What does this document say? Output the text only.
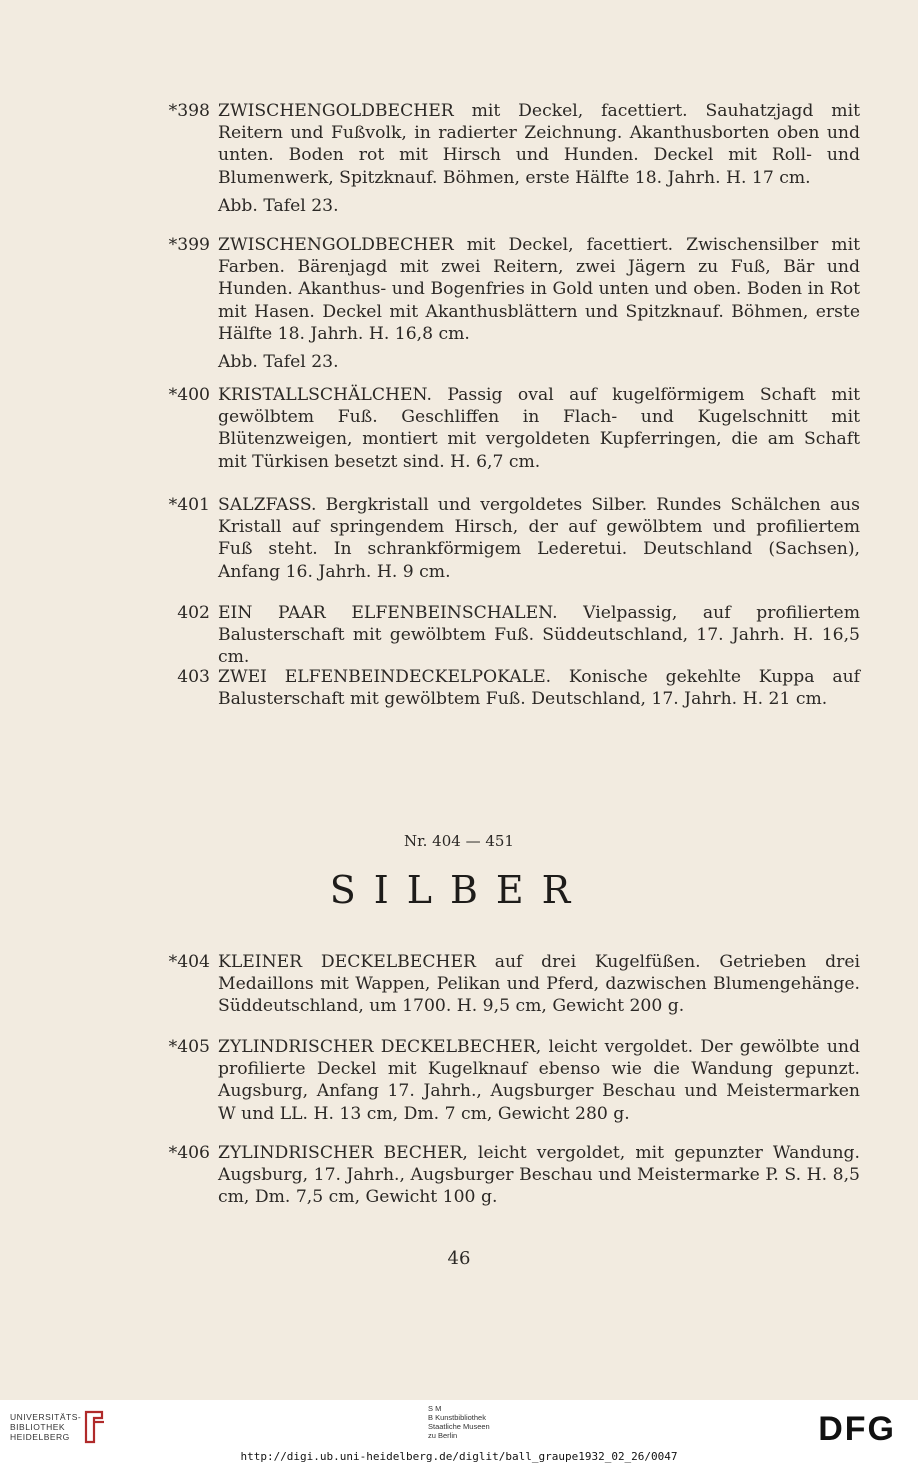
*398 ZWISCHENGOLDBECHER mit Deckel, facettiert. Sauhatzjagd mit Reitern und Fußvolk, in radierter Zeichnung. Akanthusborten oben und unten. Boden rot mit Hirsch und Hunden. Deckel mit Roll- und Blumenwerk, Spitzknauf. Böhmen, erste Hälfte 18. Jahrh. H. 17 cm.
Abb. Tafel 23.
*399 ZWISCHENGOLDBECHER mit Deckel, facettiert. Zwischensilber mit Farben. Bärenjagd mit zwei Reitern, zwei Jägern zu Fuß, Bär und Hunden. Akanthus- und Bogenfries in Gold unten und oben. Boden in Rot mit Hasen. Deckel mit Akanthusblättern und Spitzknauf. Böhmen, erste Hälfte 18. Jahrh. H. 16,8 cm.
Abb. Tafel 23.
*400 KRISTALLSCHÄLCHEN. Passig oval auf kugelförmigem Schaft mit gewölbtem Fuß. Geschliffen in Flach- und Kugelschnitt mit Blütenzweigen, montiert mit vergoldeten Kupferringen, die am Schaft mit Türkisen besetzt sind. H. 6,7 cm.
*401 SALZFASS. Bergkristall und vergoldetes Silber. Rundes Schälchen aus Kristall auf springendem Hirsch, der auf gewölbtem und profiliertem Fuß steht. In schrankförmigem Lederetui. Deutschland (Sachsen), Anfang 16. Jahrh. H. 9 cm.
402 EIN PAAR ELFENBEINSCHALEN. Vielpassig, auf profiliertem Balusterschaft mit gewölbtem Fuß. Süddeutschland, 17. Jahrh. H. 16,5 cm.
403 ZWEI ELFENBEINDECKELPOKALE. Konische gekehlte Kuppa auf Balusterschaft mit gewölbtem Fuß. Deutschland, 17. Jahrh. H. 21 cm.
Nr. 404 — 451
SILBER
*404 KLEINER DECKELBECHER auf drei Kugelfüßen. Getrieben drei Medaillons mit Wappen, Pelikan und Pferd, dazwischen Blumengehänge. Süddeutschland, um 1700. H. 9,5 cm, Gewicht 200 g.
*405 ZYLINDRISCHER DECKELBECHER, leicht vergoldet. Der gewölbte und profilierte Deckel mit Kugelknauf ebenso wie die Wandung gepunzt. Augsburg, Anfang 17. Jahrh., Augsburger Beschau und Meistermarken W und LL. H. 13 cm, Dm. 7 cm, Gewicht 280 g.
*406 ZYLINDRISCHER BECHER, leicht vergoldet, mit gepunzter Wandung. Augsburg, 17. Jahrh., Augsburger Beschau und Meistermarke P. S. H. 8,5 cm, Dm. 7,5 cm, Gewicht 100 g.
46
UNIVERSITÄTS-
BIBLIOTHEK
HEIDELBERG
S M
B Kunstbibliothek
Staatliche Museen
zu Berlin	DFG
http://digi.ub.uni-heidelberg.de/diglit/ball_graupe1932_02_26/0047
